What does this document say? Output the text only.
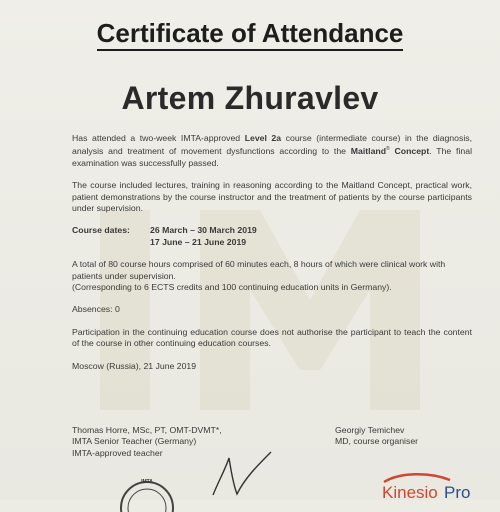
Certificate of Attendance
Artem Zhuravlev

Has attended a two-week IMTA-approved Level 2a course (intermediate course) in the diagnosis, analysis and treatment of movement dysfunctions according to the Maitland® Concept. The final examination was successfully passed.

The course included lectures, training in reasoning according to the Maitland Concept, practical work, patient demonstrations by the course instructor and the treatment of patients by the course participants under supervision.

Course dates:	26 March – 30 March 2019
17 June – 21 June 2019

A total of 80 course hours comprised of 60 minutes each, 8 hours of which were clinical work with patients under supervision.
(Corresponding to 6 ECTS credits and 100 continuing education units in Germany).

Absences: 0

Participation in the continuing education course does not authorise the participant to teach the content of the course in other continuing education courses.

Moscow (Russia), 21 June 2019

Thomas Horre, MSc, PT, OMT-DVMT*,
IMTA Senior Teacher (Germany)
IMTA-approved teacher
Georgiy Temichev
MD, course organiser
IMTA
Kinesio Pro
